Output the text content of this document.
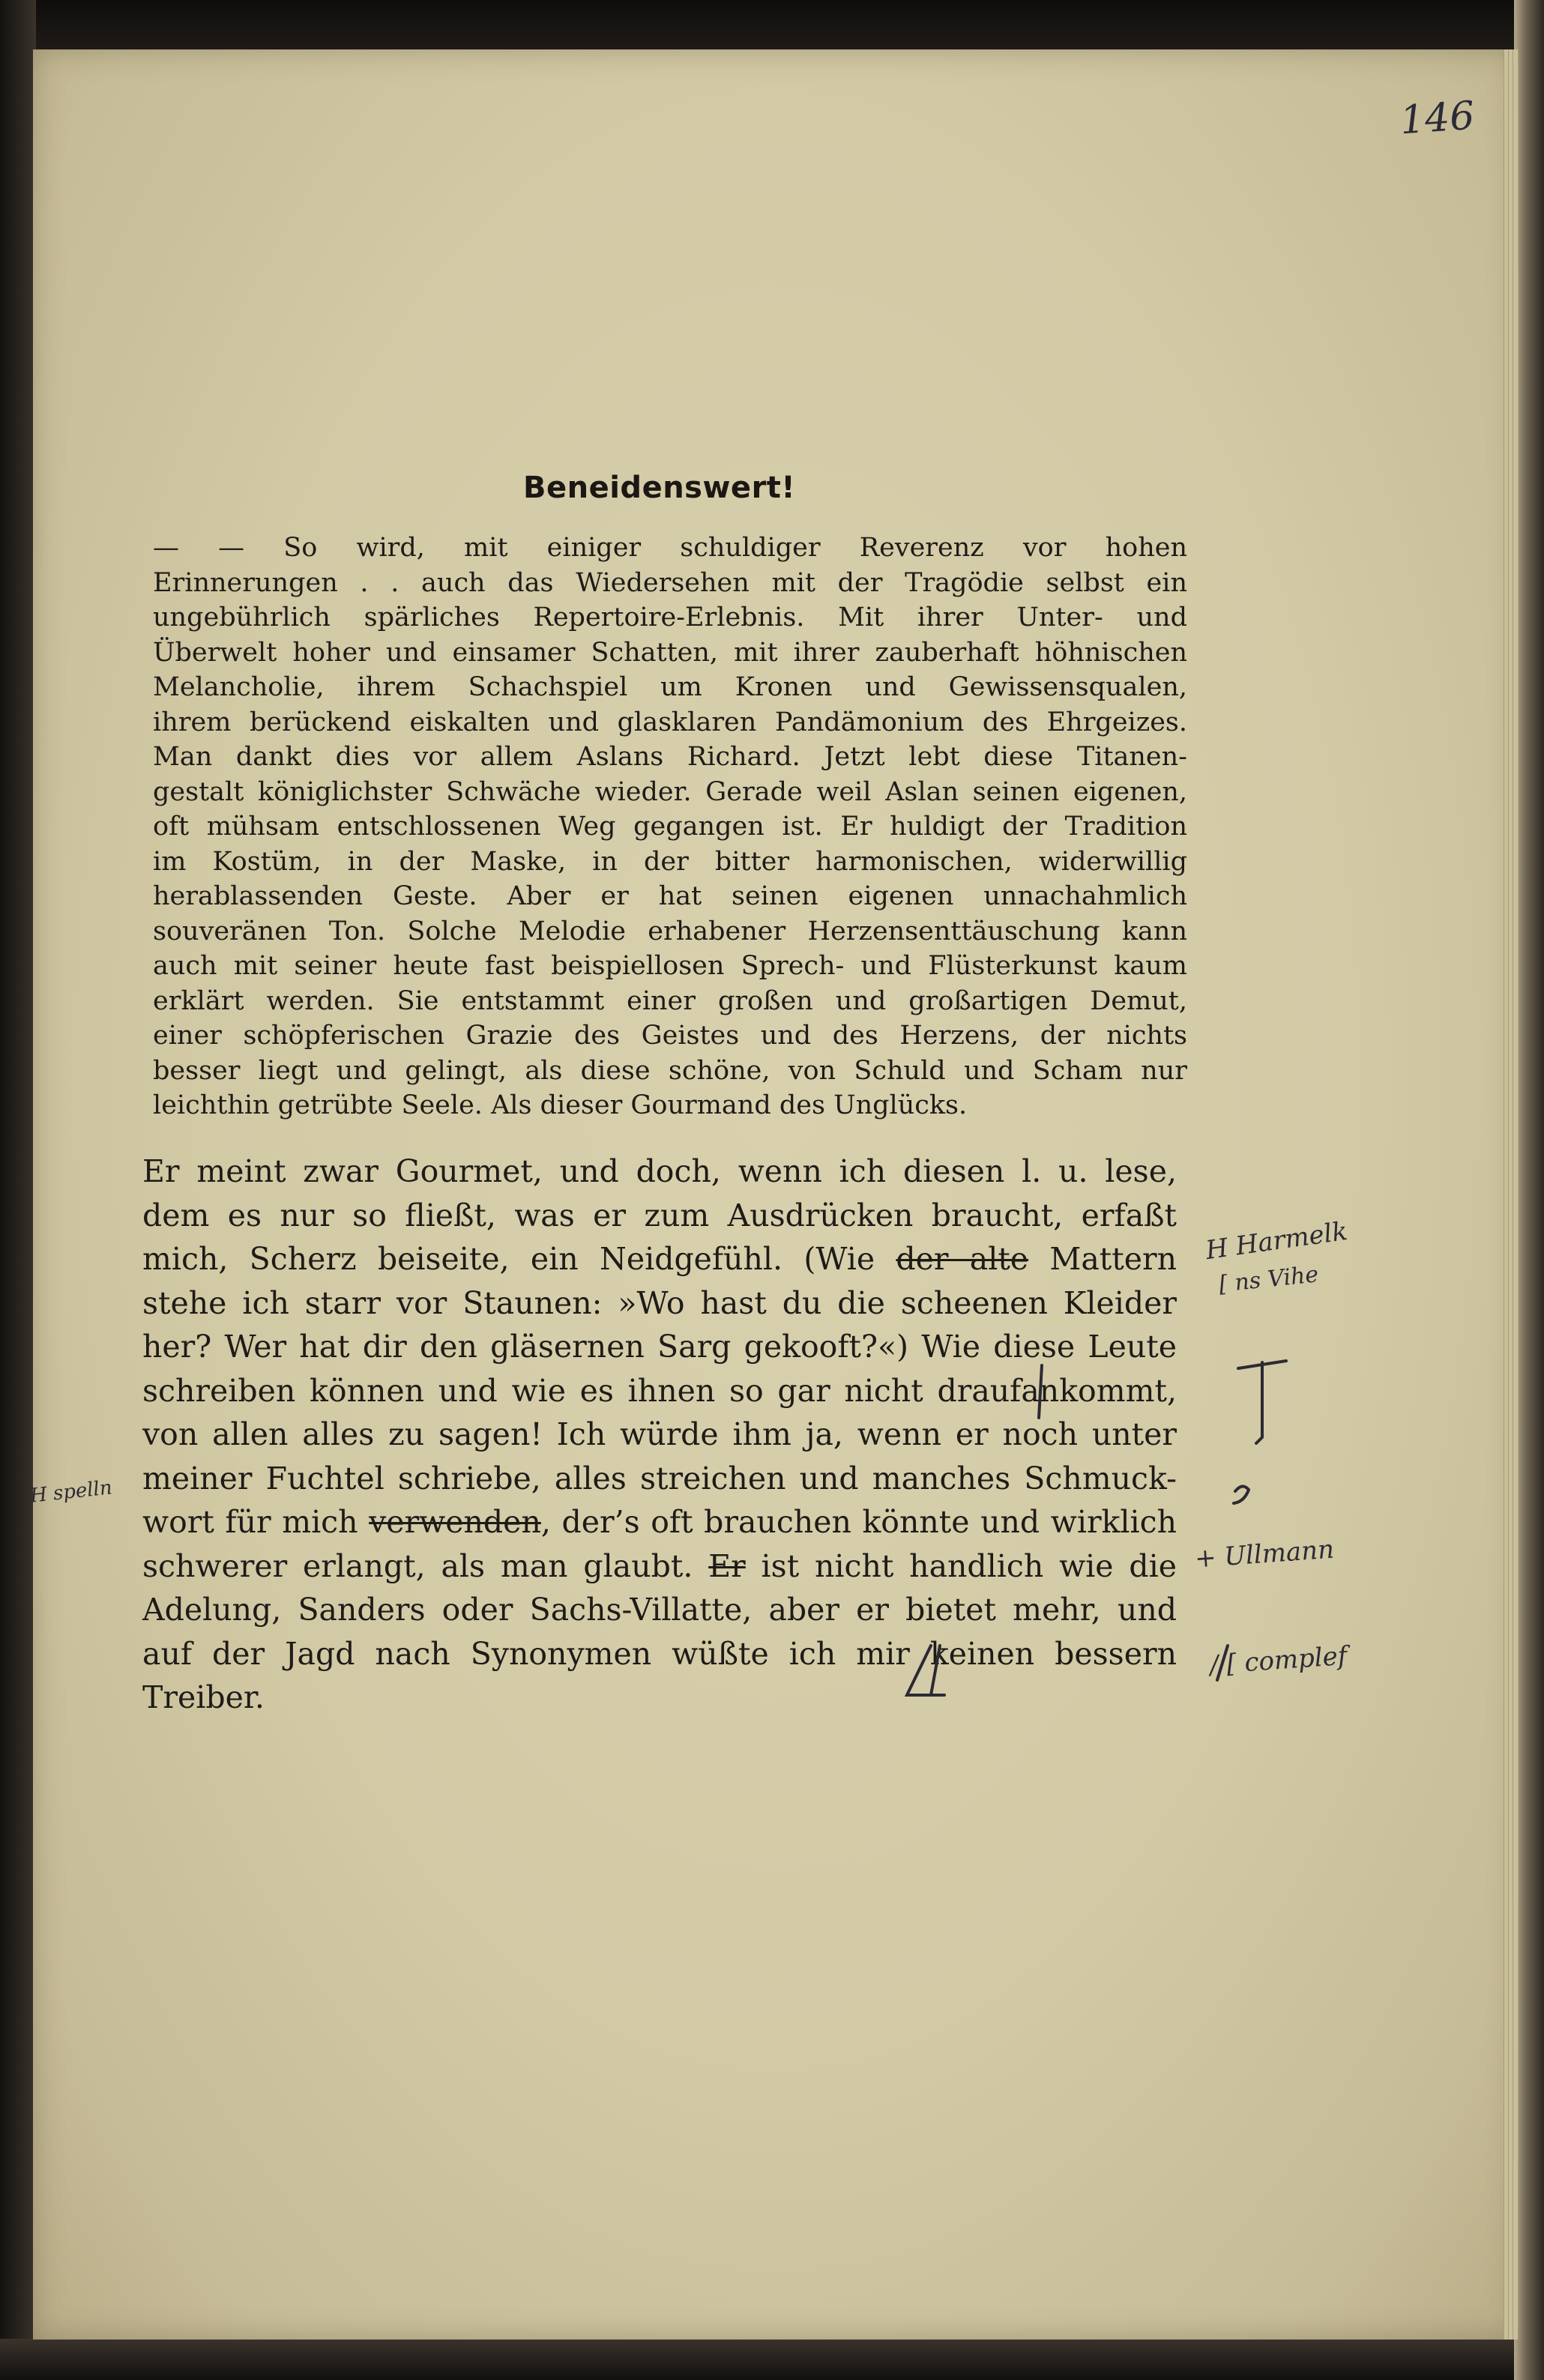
146
Beneidenswert!
— — So wird, mit einiger schuldiger Reverenz vor hohen
Erinnerungen . . auch das Wiedersehen mit der Tragödie selbst ein
ungebührlich spärliches Repertoire-Erlebnis. Mit ihrer Unter- und
Überwelt hoher und einsamer Schatten, mit ihrer zauberhaft höhnischen
Melancholie, ihrem Schachspiel um Kronen und Gewissensqualen,
ihrem berückend eiskalten und glasklaren Pandämonium des Ehrgeizes.
Man dankt dies vor allem Aslans Richard. Jetzt lebt diese Titanen-
gestalt königlichster Schwäche wieder. Gerade weil Aslan seinen eigenen,
oft mühsam entschlossenen Weg gegangen ist. Er huldigt der Tradition
im Kostüm, in der Maske, in der bitter harmonischen, widerwillig
herablassenden Geste. Aber er hat seinen eigenen unnachahmlich
souveränen Ton. Solche Melodie erhabener Herzensenttäuschung kann
auch mit seiner heute fast beispiellosen Sprech- und Flüsterkunst kaum
erklärt werden. Sie entstammt einer großen und großartigen Demut,
einer schöpferischen Grazie des Geistes und des Herzens, der nichts
besser liegt und gelingt, als diese schöne, von Schuld und Scham nur
leichthin getrübte Seele. Als dieser Gourmand des Unglücks.
Er meint zwar Gourmet, und doch, wenn ich diesen l. u. lese,
dem es nur so fließt, was er zum Ausdrücken braucht, erfaßt
mich, Scherz beiseite, ein Neidgefühl. (Wie der alte Mattern
stehe ich starr vor Staunen: »Wo hast du die scheenen Kleider
her? Wer hat dir den gläsernen Sarg gekooft?«) Wie diese Leute
schreiben können und wie es ihnen so gar nicht draufankommt,
von allen alles zu sagen! Ich würde ihm ja, wenn er noch unter
meiner Fuchtel schriebe, alles streichen und manches Schmuck-
wort für mich verwenden, der’s oft brauchen könnte und wirklich
schwerer erlangt, als man glaubt. Er ist nicht handlich wie die
Adelung, Sanders oder Sachs-Villatte, aber er bietet mehr, und
auf der Jagd nach Synonymen wüßte ich mir keinen bessern
Treiber.
H Harmelk
[ ns Vihe
+ Ullmann
/ [ complef
H spelln
